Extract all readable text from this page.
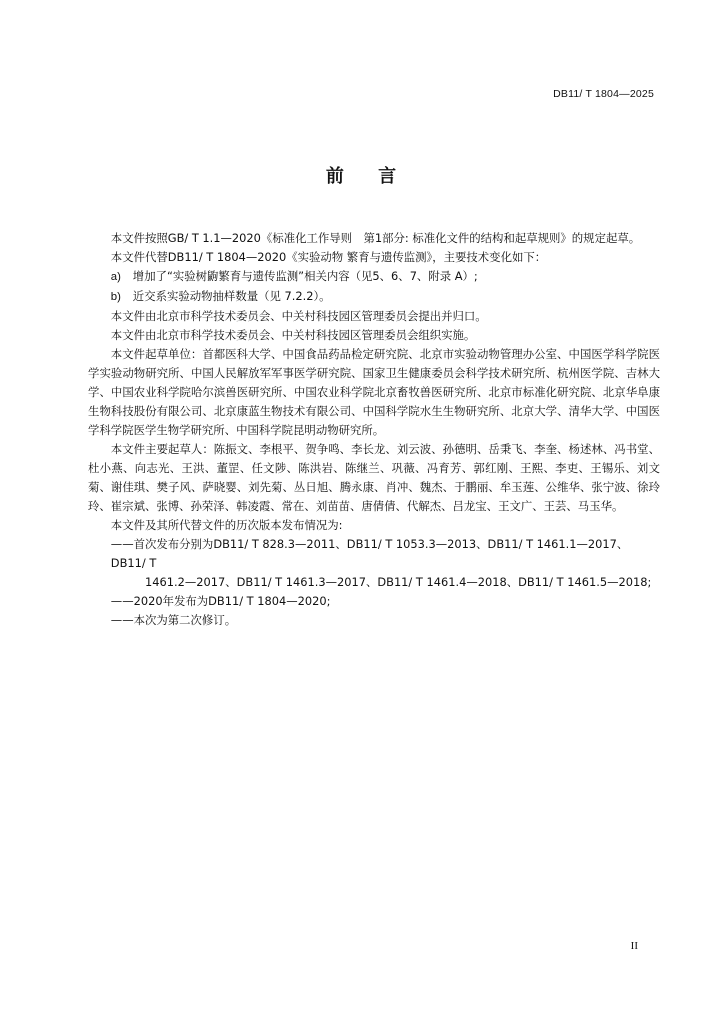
DB11/ T 1804—2025
前 言

本文件按照GB/ T 1.1—2020《标准化工作导则　第1部分: 标准化文件的结构和起草规则》的规定起草。

本文件代替DB11/ T 1804—2020《实验动物 繁育与遗传监测》，主要技术变化如下：

a) 增加了“实验树鼩繁育与遗传监测”相关内容（见5、6、7、附录 A）;

b) 近交系实验动物抽样数量（见 7.2.2）。

本文件由北京市科学技术委员会、中关村科技园区管理委员会提出并归口。

本文件由北京市科学技术委员会、中关村科技园区管理委员会组织实施。

本文件起草单位：首都医科大学、中国食品药品检定研究院、北京市实验动物管理办公室、中国医学科学院医学实验动物研究所、中国人民解放军军事医学研究院、国家卫生健康委员会科学技术研究所、杭州医学院、吉林大学、中国农业科学院哈尔滨兽医研究所、中国农业科学院北京畜牧兽医研究所、北京市标准化研究院、北京华阜康生物科技股份有限公司、北京康蓝生物技术有限公司、中国科学院水生生物研究所、北京大学、清华大学、中国医学科学院医学生物学研究所、中国科学院昆明动物研究所。

本文件主要起草人：陈振文、李根平、贺争鸣、李长龙、刘云波、孙德明、岳秉飞、李奎、杨述林、冯书堂、杜小燕、向志光、王洪、董罡、任文陟、陈洪岩、陈继兰、巩薇、冯育芳、郭红刚、王熙、李吏、王锡乐、刘文菊、谢佳琪、樊子风、萨晓婴、刘先菊、丛日旭、腾永康、肖冲、魏杰、于鹏丽、牟玉莲、公维华、张宁波、徐玲玲、崔宗斌、张博、孙荣泽、韩凌霞、常在、刘苗苗、唐倩倩、代解杰、吕龙宝、王文广、王芸、马玉华。

本文件及其所代替文件的历次版本发布情况为:

——首次发布分别为DB11/ T 828.3—2011、DB11/ T 1053.3—2013、DB11/ T 1461.1—2017、DB11/ T
1461.2—2017、DB11/ T 1461.3—2017、DB11/ T 1461.4—2018、DB11/ T 1461.5—2018;

——2020年发布为DB11/ T 1804—2020;

——本次为第二次修订。

II
